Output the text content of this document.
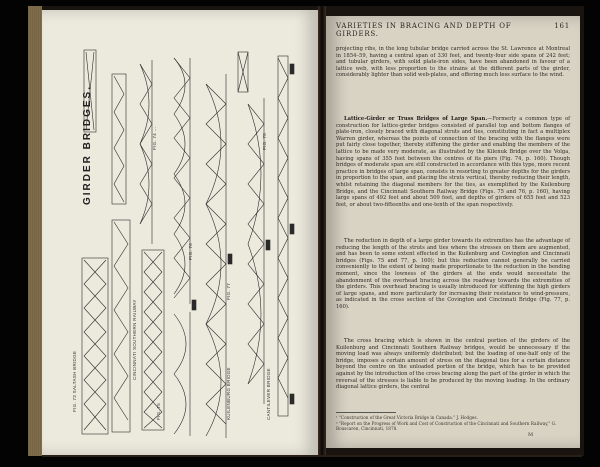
GIRDER BRIDGES.
FIG. 73 SALTASH BRIDGE
FIG. 74 ...
FIG. 75
CINCINNATI SOUTHERN RAILWAY
FIG. 76
FIG. 77
FIG. 78
KUILENBURG BRIDGE	CANTILEVER BRIDGE
VARIETIES IN BRACING AND DEPTH OF GIRDERS.
161
projecting ribs, in the long tubular bridge carried across the St. Lawrence at Montreal in 1854–59, having a central span of 330 feet, and twenty-four side spans of 242 feet; and tubular girders, with solid plate-iron sides, have been abandoned in favour of a lattice web, with less proportion to the strains at the different parts of the girder, considerably lighter than solid web-plates, and offering much less surface to the wind.
Lattice-Girder or Truss Bridges of Large Span.—Formerly a common type of construction for lattice-girder bridges consisted of parallel top and bottom flanges of plate-iron, closely braced with diagonal struts and ties, constituting in fact a multiplex Warren girder, whereas the points of connection of the bracing with the flanges were put fairly close together, thereby stiffening the girder and enabling the members of the lattice to be made very moderate, as illustrated by the Kilenuk Bridge over the Volga, having spans of 355 feet between the centres of its piers (Fig. 74, p. 160). Though bridges of moderate span are still constructed in accordance with this type, more recent practice in bridges of large span, consists in resorting to greater depths for the girders in proportion to the span, and placing the struts vertical, thereby reducing their length, whilst retaining the diagonal members for the ties, as exemplified by the Kuilenburg Bridge, and the Cincinnati Southern Railway Bridge (Figs. 75 and 76, p. 160), having large spans of 492 feet and about 509 feet, and depths of girders of 655 feet and 523 feet, or about two-fifteenths and one-tenth of the span respectively.
The reduction in depth of a large girder towards its extremities has the advantage of reducing the length of the struts and ties where the stresses on them are augmented, and has been to some extent effected in the Kuilenburg and Covington and Cincinnati bridges (Figs. 75 and 77, p. 160); but this reduction cannot generally be carried conveniently to the extent of being made proportionate to the reduction in the bending moment, since the lowness of the girders at the ends would necessitate the abandonment of the overhead bracing across the roadway towards the extremities of the girders. This overhead bracing is usually introduced for stiffening the high girders of large spans, and more particularly for increasing their resistance to wind-pressure, as indicated in the cross section of the Covington and Cincinnati Bridge (Fig. 77, p. 160).
The cross bracing which is shown in the central portion of the girders of the Kuilenburg and Cincinnati Southern Railway bridges, would be unnecessary if the moving load was always uniformly distributed; but the loading of one-half only of the bridge, imposes a certain amount of stress on the diagonal ties for a certain distance beyond the centre on the unloaded portion of the bridge, which has to be provided against by the introduction of the cross bracing along the part of the girder in which the reversal of the stresses is liable to be produced by the moving loading. In the ordinary diagonal lattice girders, the central
¹ "Construction of the Great Victoria Bridge in Canada." J. Hodges.
² "Report on the Progress of Work and Cost of Construction of the Cincinnati and Southern Railway," G. Bouscaren, Cincinnati, 1878.
M
